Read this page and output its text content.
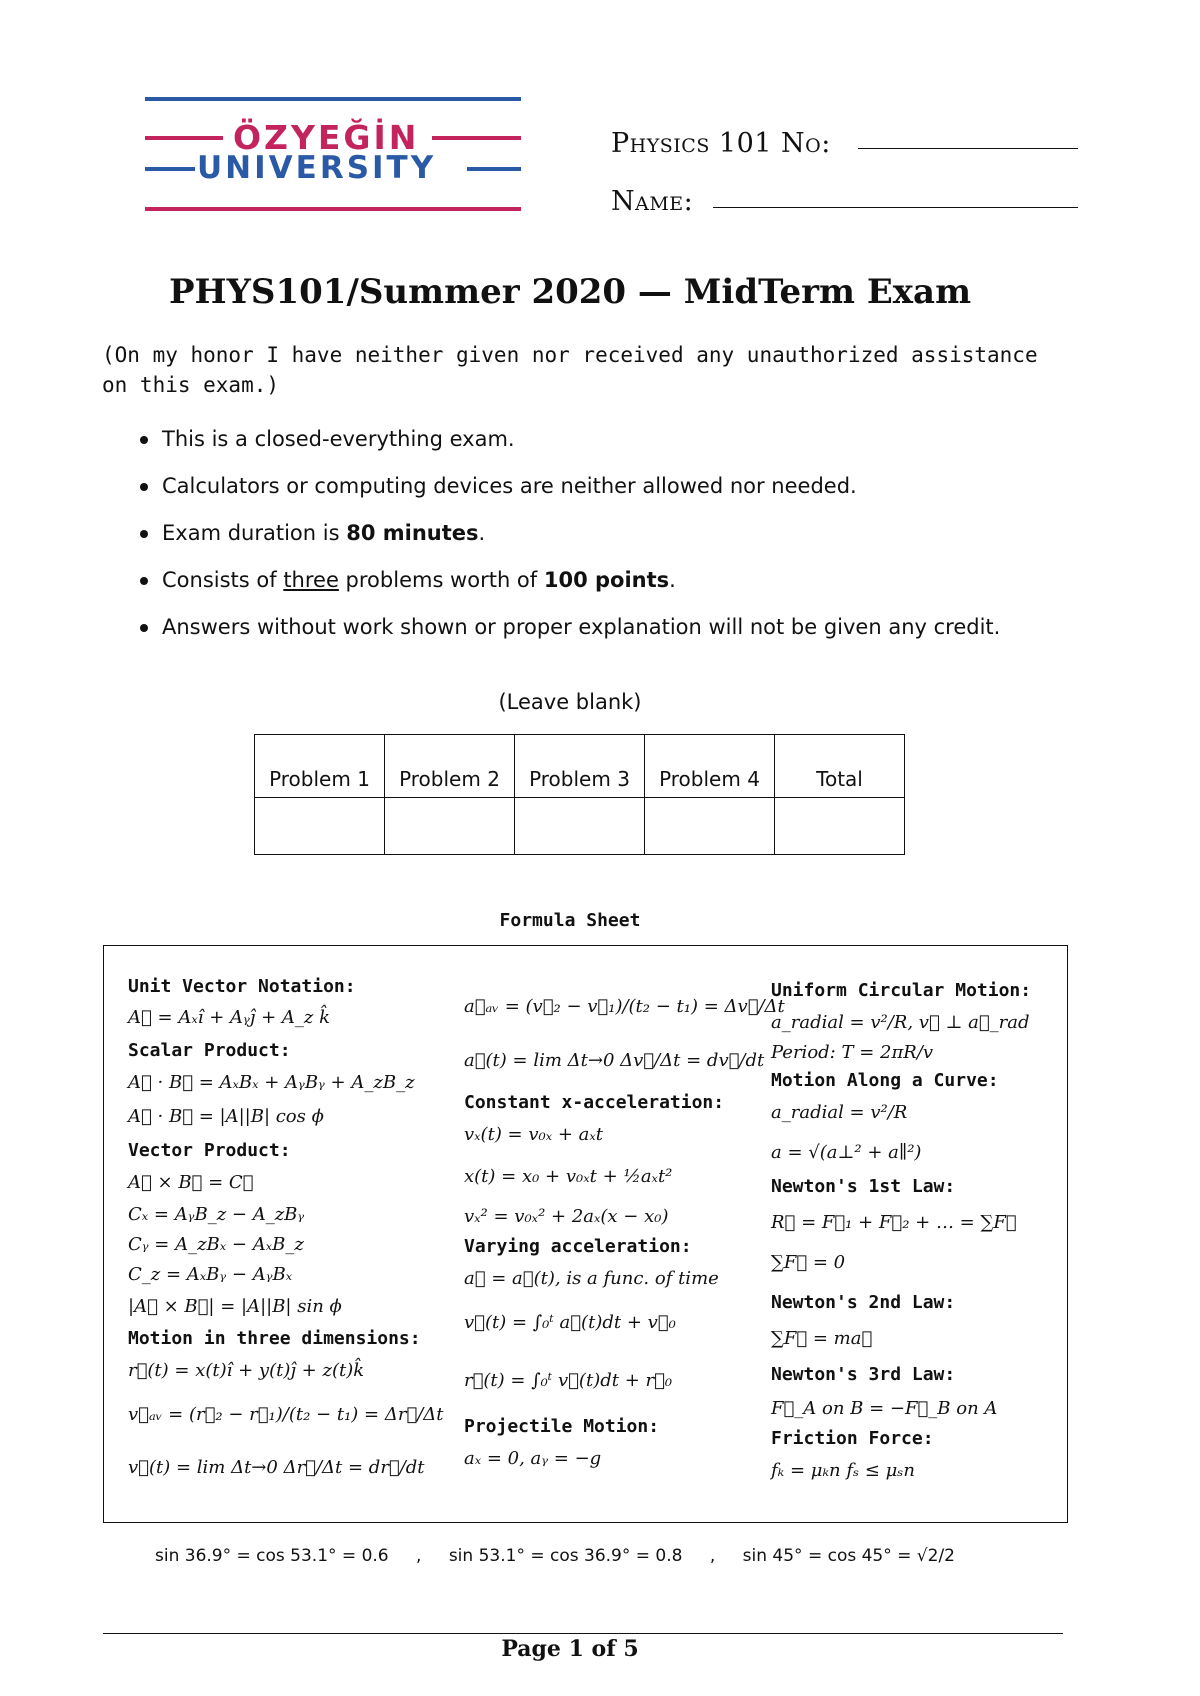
ÖZYEĞİN
UNIVERSITY
Physics 101 No:
Name:
PHYS101/Summer 2020 — MidTerm Exam
(On my honor I have neither given nor received any unauthorized assistance on this exam.)
This is a closed-everything exam.
Calculators or computing devices are neither allowed nor needed.
Exam duration is 80 minutes.
Consists of three problems worth of 100 points.
Answers without work shown or proper explanation will not be given any credit.
(Leave blank)
Problem 1	Problem 2	Problem 3	Problem 4	Total

Formula Sheet
Unit Vector Notation:
A⃗ = Aₓî + Aᵧĵ + A_z k̂
Scalar Product:
A⃗ · B⃗ = AₓBₓ + AᵧBᵧ + A_zB_z
A⃗ · B⃗ = |A||B| cos ϕ
Vector Product:
A⃗ × B⃗ = C⃗
Cₓ = AᵧB_z − A_zBᵧ
Cᵧ = A_zBₓ − AₓB_z
C_z = AₓBᵧ − AᵧBₓ
|A⃗ × B⃗| = |A||B| sin ϕ
Motion in three dimensions:
r⃗(t) = x(t)î + y(t)ĵ + z(t)k̂
v⃗ₐᵥ = (r⃗₂ − r⃗₁)/(t₂ − t₁) = Δr⃗/Δt
v⃗(t) = lim Δt→0 Δr⃗/Δt = dr⃗/dt
a⃗ₐᵥ = (v⃗₂ − v⃗₁)/(t₂ − t₁) = Δv⃗/Δt
a⃗(t) = lim Δt→0 Δv⃗/Δt = dv⃗/dt
Constant x-acceleration:
vₓ(t) = v₀ₓ + aₓt
x(t) = x₀ + v₀ₓt + ½aₓt²
vₓ² = v₀ₓ² + 2aₓ(x − x₀)
Varying acceleration:
a⃗ = a⃗(t), is a func. of time
v⃗(t) = ∫₀ᵗ a⃗(t)dt + v⃗₀
r⃗(t) = ∫₀ᵗ v⃗(t)dt + r⃗₀
Projectile Motion:
aₓ = 0, aᵧ = −g
Uniform Circular Motion:
a_radial = v²/R, v⃗ ⊥ a⃗_rad
Period: T = 2πR/v
Motion Along a Curve:
a_radial = v²/R
a = √(a⊥² + a∥²)
Newton's 1st Law:
R⃗ = F⃗₁ + F⃗₂ + … = ∑F⃗
∑F⃗ = 0
Newton's 2nd Law:
∑F⃗ = ma⃗
Newton's 3rd Law:
F⃗_A on B = −F⃗_B on A
Friction Force:
fₖ = μₖn fₛ ≤ μₛn
sin 36.9° = cos 53.1° = 0.6 , sin 53.1° = cos 36.9° = 0.8 , sin 45° = cos 45° = √2/2
Page 1 of 5
